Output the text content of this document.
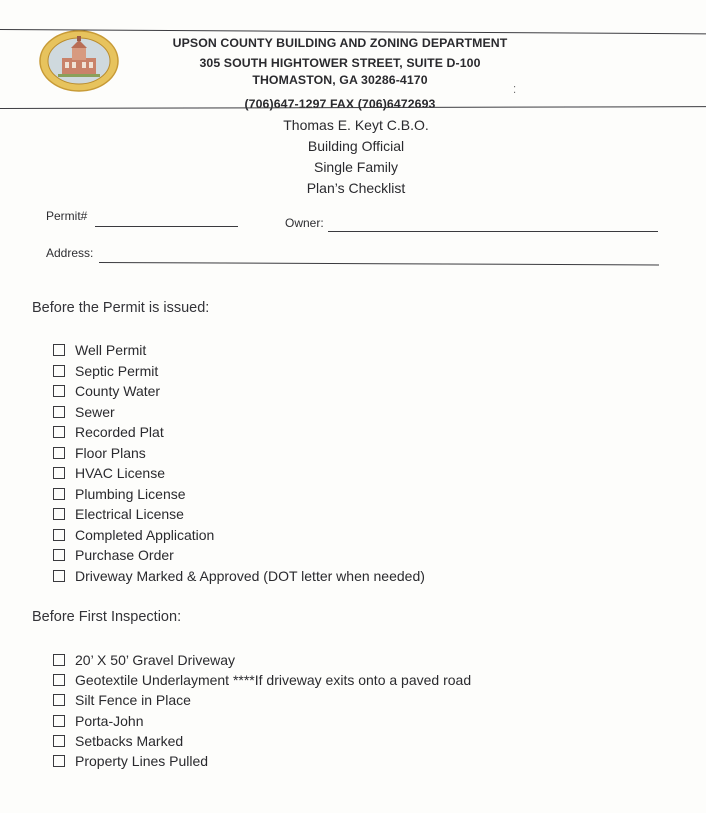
UPSON COUNTY BUILDING AND ZONING DEPARTMENT
305 SOUTH HIGHTOWER STREET, SUITE D-100
THOMASTON, GA 30286-4170
(706)647-1297 FAX (706)6472693
⁚
Thomas E. Keyt C.B.O.
Building Official
Single Family
Plan’s Checklist
Permit#	Owner:
Address:
Before the Permit is issued:
Well Permit
Septic Permit
County Water
Sewer
Recorded Plat
Floor Plans
HVAC License
Plumbing License
Electrical License
Completed Application
Purchase Order
Driveway Marked & Approved (DOT letter when needed)
Before First Inspection:
20’ X 50’ Gravel Driveway
Geotextile Underlayment ****If driveway exits onto a paved road
Silt Fence in Place
Porta-John
Setbacks Marked
Property Lines Pulled
